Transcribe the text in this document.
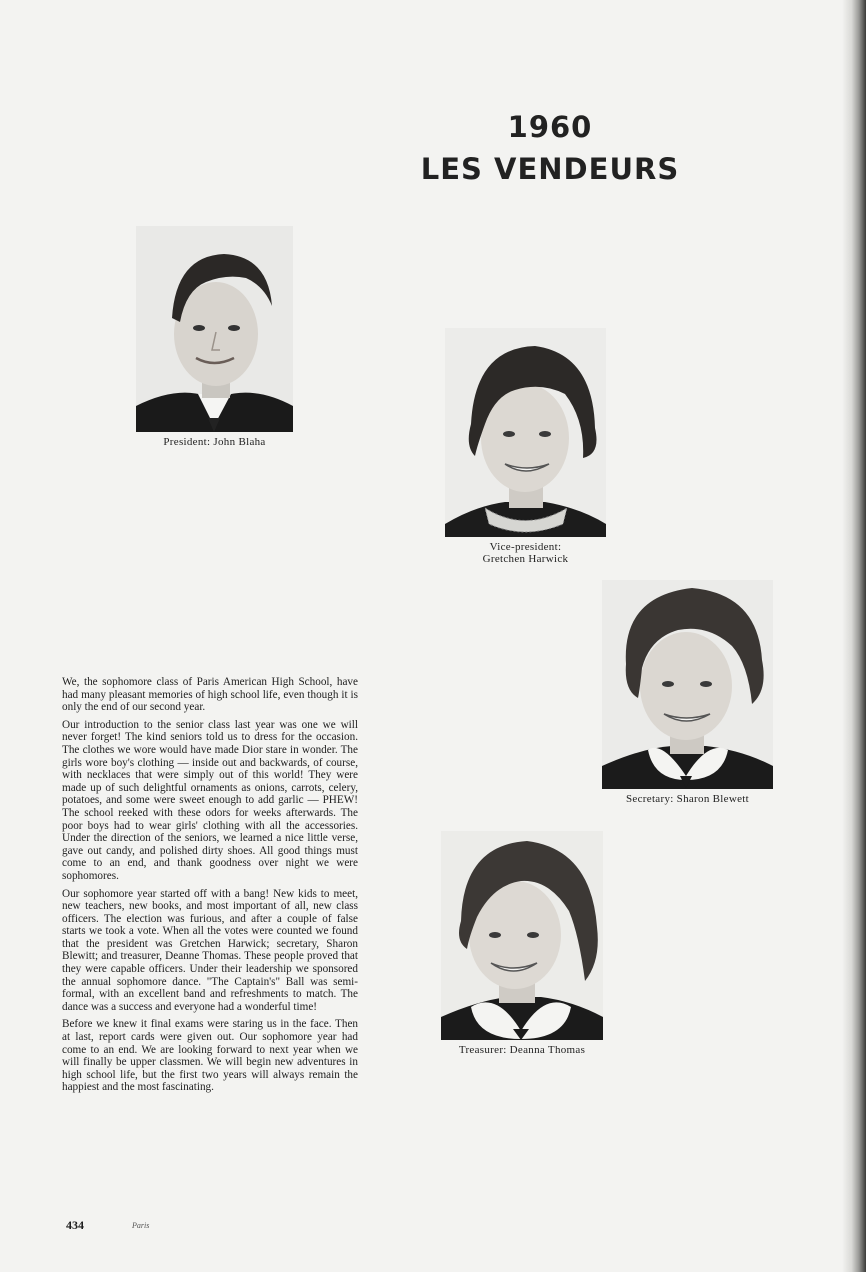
1960
LES VENDEURS
President: John Blaha
Vice-president:
Gretchen Harwick
Secretary: Sharon Blewett
Treasurer: Deanna Thomas

We, the sophomore class of Paris American High School, have had many pleasant memories of high school life, even though it is only the end of our second year.

Our introduction to the senior class last year was one we will never forget! The kind seniors told us to dress for the occasion. The clothes we wore would have made Dior stare in wonder. The girls wore boy's clothing — inside out and backwards, of course, with necklaces that were simply out of this world! They were made up of such delightful ornaments as onions, carrots, celery, potatoes, and some were sweet enough to add garlic — PHEW! The school reeked with these odors for weeks afterwards. The poor boys had to wear girls' clothing with all the accessories. Under the direction of the seniors, we learned a nice little verse, gave out candy, and polished dirty shoes. All good things must come to an end, and thank goodness over night we were sophomores.

Our sophomore year started off with a bang! New kids to meet, new teachers, new books, and most important of all, new class officers. The election was furious, and after a couple of false starts we took a vote. When all the votes were counted we found that the president was Gretchen Harwick; secretary, Sharon Blewitt; and treasurer, Deanne Thomas. These people proved that they were capable officers. Under their leadership we sponsored the annual sophomore dance. "The Captain's" Ball was semi-formal, with an excellent band and refreshments to match. The dance was a success and everyone had a wonderful time!

Before we knew it final exams were staring us in the face. Then at last, report cards were given out. Our sophomore year had come to an end. We are looking forward to next year when we will finally be upper classmen. We will begin new adventures in high school life, but the first two years will always remain the happiest and the most fascinating.

434	Paris
